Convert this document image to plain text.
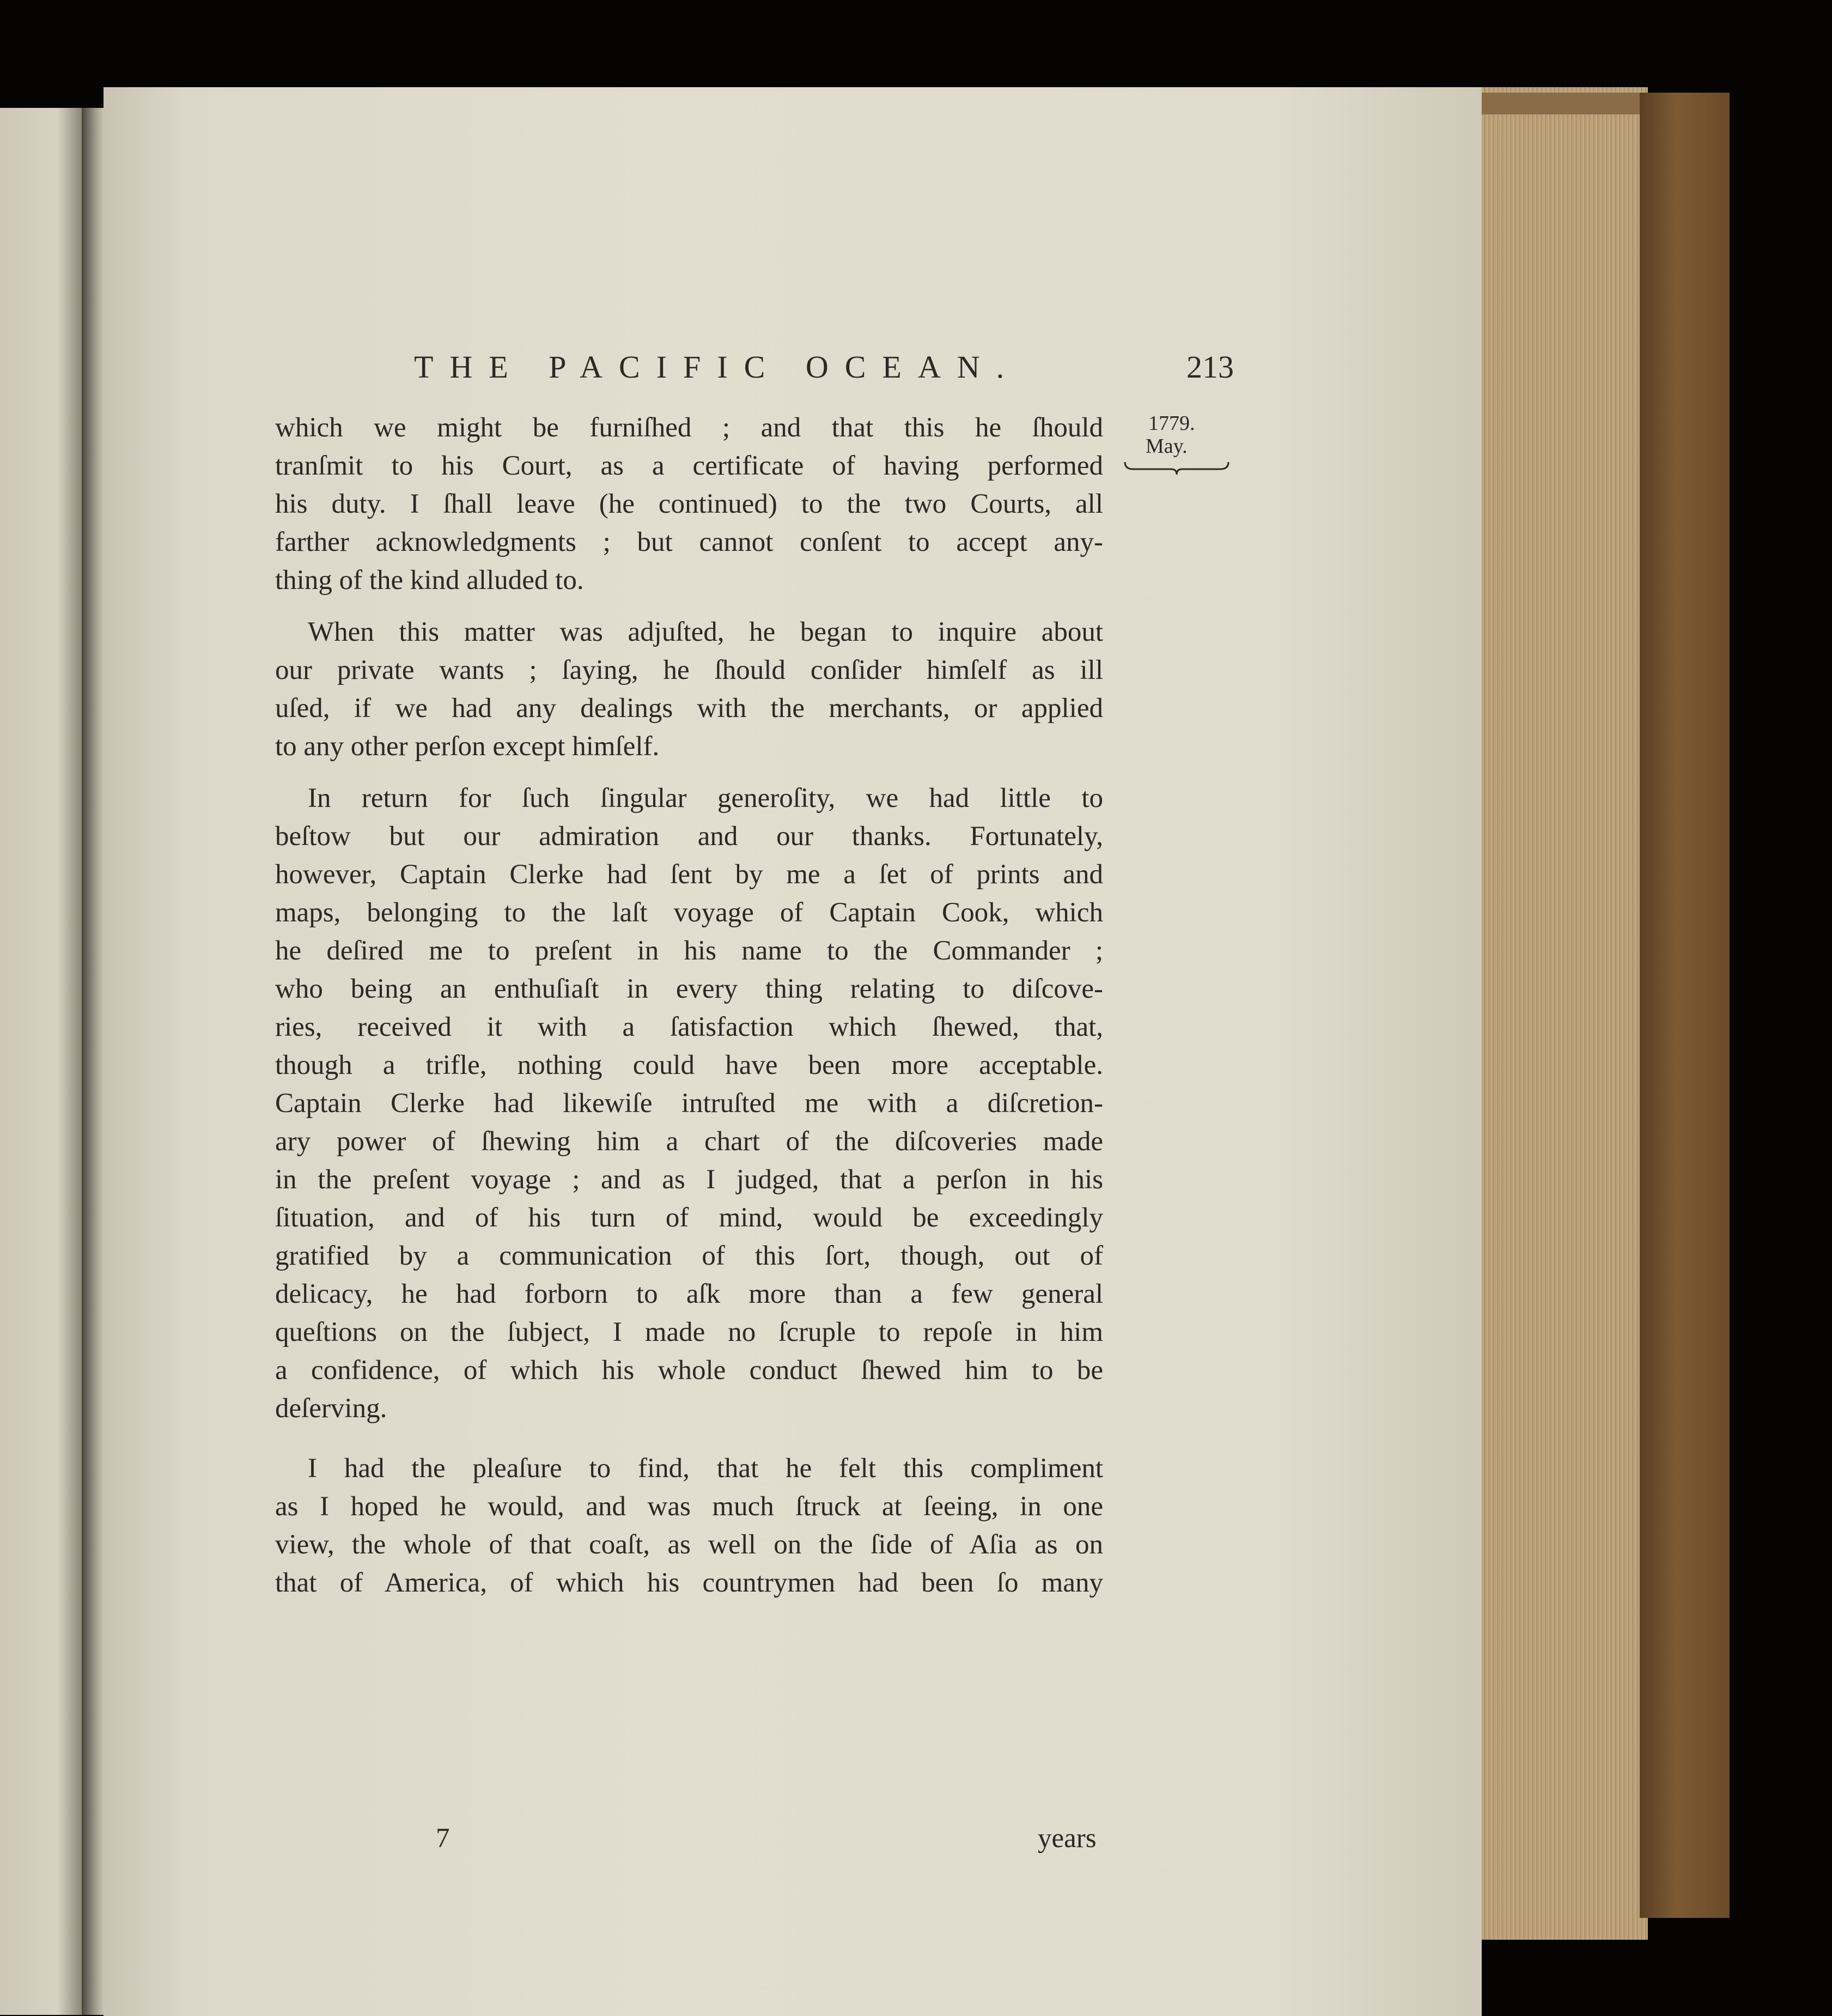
THE PACIFIC OCEAN.	213
1779.
May.
which we might be furniſhed ; and that this he ſhould
tranſmit to his Court, as a certificate of having performed
his duty. I ſhall leave (he continued) to the two Courts, all
farther acknowledgments ; but cannot conſent to accept any-
thing of the kind alluded to.
When this matter was adjuſted, he began to inquire about
our private wants ; ſaying, he ſhould conſider himſelf as ill
uſed, if we had any dealings with the merchants, or applied
to any other perſon except himſelf.
In return for ſuch ſingular generoſity, we had little to
beſtow but our admiration and our thanks. Fortunately,
however, Captain Clerke had ſent by me a ſet of prints and
maps, belonging to the laſt voyage of Captain Cook, which
he deſired me to preſent in his name to the Commander ;
who being an enthuſiaſt in every thing relating to diſcove-
ries, received it with a ſatisfaction which ſhewed, that,
though a trifle, nothing could have been more acceptable.
Captain Clerke had likewiſe intruſted me with a diſcretion-
ary power of ſhewing him a chart of the diſcoveries made
in the preſent voyage ; and as I judged, that a perſon in his
ſituation, and of his turn of mind, would be exceedingly
gratified by a communication of this ſort, though, out of
delicacy, he had forborn to aſk more than a few general
queſtions on the ſubject, I made no ſcruple to repoſe in him
a confidence, of which his whole conduct ſhewed him to be
deſerving.
I had the pleaſure to find, that he felt this compliment
as I hoped he would, and was much ſtruck at ſeeing, in one
view, the whole of that coaſt, as well on the ſide of Aſia as on
that of America, of which his countrymen had been ſo many
7	years
